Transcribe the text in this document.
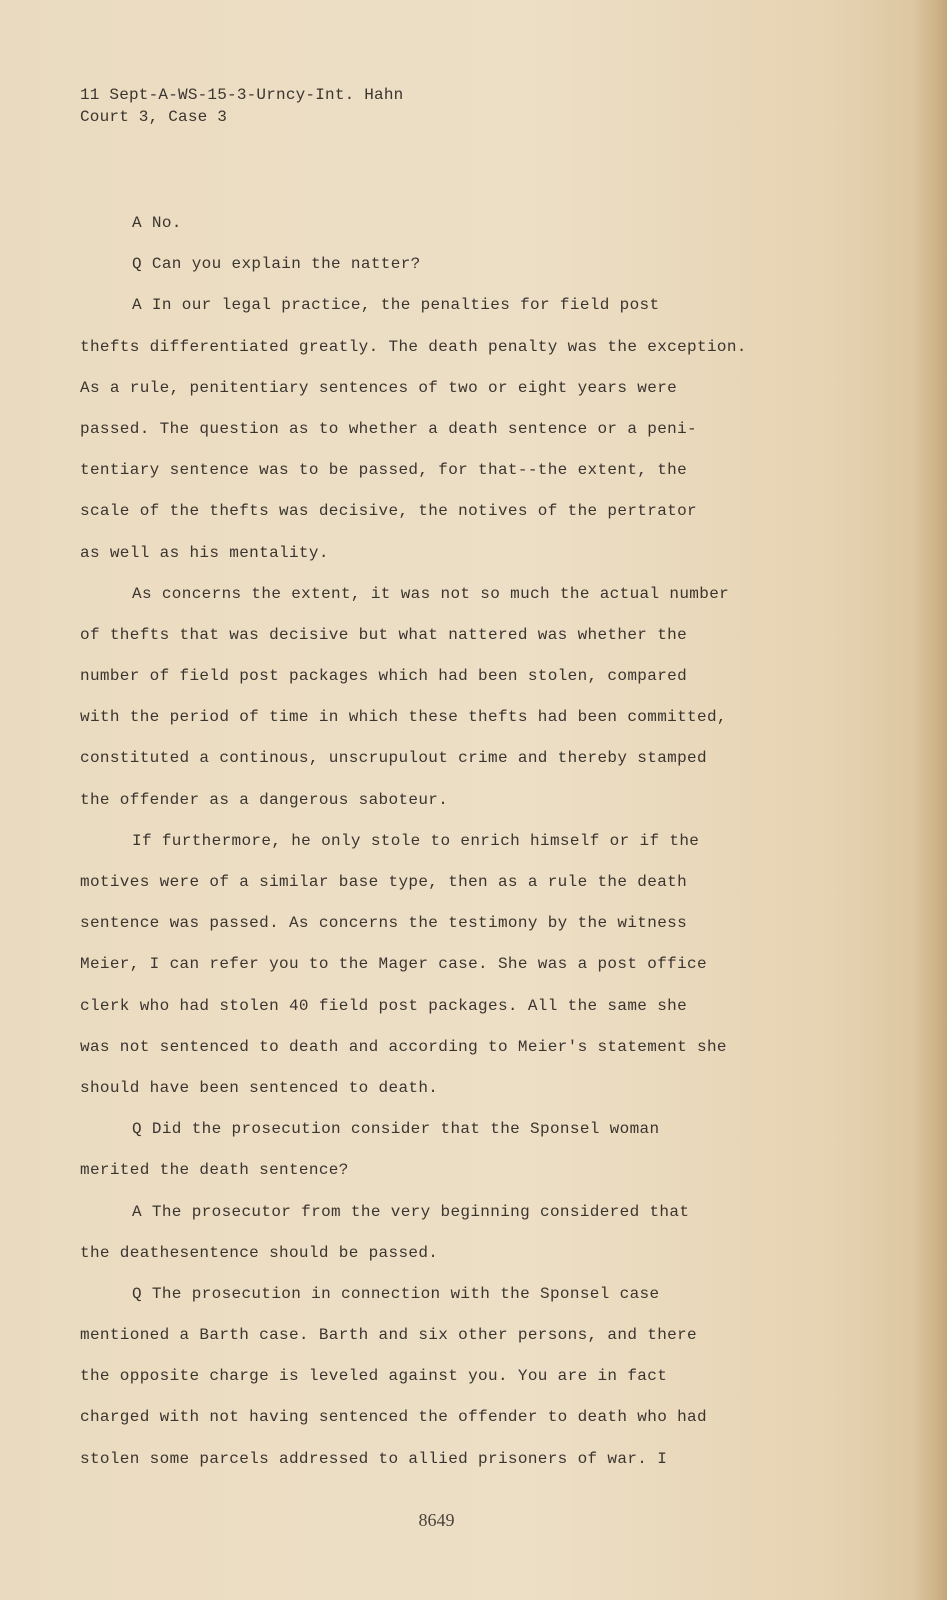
11 Sept-A-WS-15-3-Urncy-Int. Hahn
Court 3, Case 3
A No.
Q Can you explain the natter?
A In our legal practice, the penalties for field post
thefts differentiated greatly. The death penalty was the exception.
As a rule, penitentiary sentences of two or eight years were
passed. The question as to whether a death sentence or a peni-
tentiary sentence was to be passed, for that--the extent, the
scale of the thefts was decisive, the notives of the pertrator
as well as his mentality.
As concerns the extent, it was not so much the actual number
of thefts that was decisive but what nattered was whether the
number of field post packages which had been stolen, compared
with the period of time in which these thefts had been committed,
constituted a continous, unscrupulout crime and thereby stamped
the offender as a dangerous saboteur.
If furthermore, he only stole to enrich himself or if the
motives were of a similar base type, then as a rule the death
sentence was passed. As concerns the testimony by the witness
Meier, I can refer you to the Mager case. She was a post office
clerk who had stolen 40 field post packages. All the same she
was not sentenced to death and according to Meier's statement she
should have been sentenced to death.
Q Did the prosecution consider that the Sponsel woman
merited the death sentence?
A The prosecutor from the very beginning considered that
the deathesentence should be passed.
Q The prosecution in connection with the Sponsel case
mentioned a Barth case. Barth and six other persons, and there
the opposite charge is leveled against you. You are in fact
charged with not having sentenced the offender to death who had
stolen some parcels addressed to allied prisoners of war. I
8649
